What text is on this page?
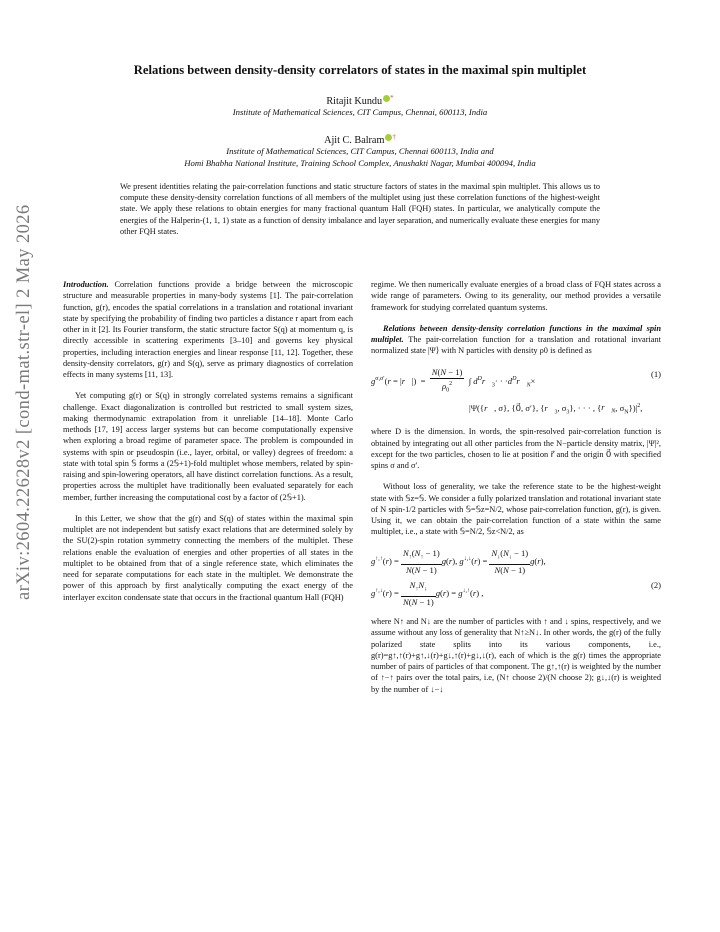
arXiv:2604.22628v2 [cond-mat.str-el] 2 May 2026
Relations between density-density correlators of states in the maximal spin multiplet
Ritajit Kundu *
Institute of Mathematical Sciences, CIT Campus, Chennai, 600113, India
Ajit C. Balram †
Institute of Mathematical Sciences, CIT Campus, Chennai 600113, India and
Homi Bhabha National Institute, Training School Complex, Anushakti Nagar, Mumbai 400094, India

We present identities relating the pair-correlation functions and static structure factors of states in the maximal spin multiplet. This allows us to compute these density-density correlation functions of all members of the multiplet using just these correlation functions of the highest-weight state. We apply these relations to obtain energies for many fractional quantum Hall (FQH) states. In particular, we analytically compute the energies of the Halperin-(1, 1, 1) state as a function of density imbalance and layer separation, and numerically evaluate these energies for many other FQH states.

Introduction. Correlation functions provide a bridge between the microscopic structure and measurable properties in many-body systems [1]. The pair-correlation function, g(r), encodes the spatial correlations in a translation and rotational invariant state by specifying the probability of finding two particles a distance r apart from each other in it [2]. Its Fourier transform, the static structure factor S(q) at momentum q, is directly accessible in scattering experiments [3–10] and governs key physical properties, including interaction energies and linear response [11, 12]. Together, these density-density correlators, g(r) and S(q), serve as primary diagnostics of correlation effects in many systems [11, 13].

Yet computing g(r) or S(q) in strongly correlated systems remains a significant challenge. Exact diagonalization is controlled but restricted to small system sizes, making thermodynamic extrapolation from it unreliable [14–18]. Monte Carlo methods [17, 19] access larger systems but can become computationally expensive when exploring a broad regime of parameter space. The problem is compounded in systems with spin or pseudospin (i.e., layer, orbital, or valley) degrees of freedom: a state with total spin 𝕊 forms a (2𝕊+1)-fold multiplet whose members, related by spin-raising and spin-lowering operators, all have distinct correlation functions. As a result, properties across the multiplet have traditionally been evaluated separately for each member, further increasing the computational cost by a factor of (2𝕊+1).

In this Letter, we show that the g(r) and S(q) of states within the maximal spin multiplet are not independent but satisfy exact relations that are determined solely by the SU(2)-spin rotation symmetry connecting the members of the multiplet. These relations enable the evaluation of energies and other properties of all states in the multiplet to be obtained from that of a single reference state, which eliminates the need for separate computations for each state in the multiplet. We demonstrate the power of this approach by first analytically computing the exact energy of the interlayer exciton condensate state that occurs in the fractional quantum Hall (FQH)

regime. We then numerically evaluate energies of a broad class of FQH states across a wide range of parameters. Owing to its generality, our method provides a versatile framework for studying correlated quantum systems.

Relations between density-density correlation functions in the maximal spin multiplet. The pair-correlation function for a translation and rotational invariant normalized state |Ψ⟩ with N particles with density ρ0 is defined as

$g^{\sigma,\sigma'}(r$ = |r⃗|)  = $\frac{N(N - 1)}{\rho_0^2}$ ∫ $d^Dr⃗_3\cdot$ · $\cdot d^Dr⃗_N\times$
|Ψ({r⃗, σ}, {0⃗, σ′}, {$r⃗_3$, $\sigma_3$}, · · · , {$r⃗_N$, $\sigma_N\})|^2$,
(1)

where D is the dimension. In words, the spin-resolved pair-correlation function is obtained by integrating out all other particles from the N−particle density matrix, |Ψ|², except for the two particles, chosen to lie at position r⃗ and the origin 0⃗ with specified spins σ and σ′.

Without loss of generality, we take the reference state to be the highest-weight state with 𝕊z=𝕊. We consider a fully polarized translation and rotational invariant state of N spin-1/2 particles with 𝕊=𝕊z=N/2, whose pair-correlation function, g(r), is given. Using it, we can obtain the pair-correlation function of a state within the same multiplet, i.e., a state with 𝕊=N/2, 𝕊z<N/2, as

$g^{↑,↑}(r) = \frac{N_↑(N_↑ - 1)}{N(N - 1)} g(r)$, $g^{↓,↓}(r) = \frac{N_↓(N_↓ - 1)}{N(N - 1)} g(r)$,
$g^{↑,↓}(r) = \frac{N_↑N_↓}{N(N - 1)} g(r) = g^{↓,↑}(r)$ ,
(2)

where N↑ and N↓ are the number of particles with ↑ and ↓ spins, respectively, and we assume without any loss of generality that N↑≥N↓. In other words, the g(r) of the fully polarized state splits into its various components, i.e., g(r)=g↑,↑(r)+g↑,↓(r)+g↓,↑(r)+g↓,↓(r), each of which is the g(r) times the appropriate number of pairs of particles of that component. The g↑,↑(r) is weighted by the number of ↑−↑ pairs over the total pairs, i.e, (N↑ choose 2)/(N choose 2); g↓,↓(r) is weighted by the number of ↓−↓
